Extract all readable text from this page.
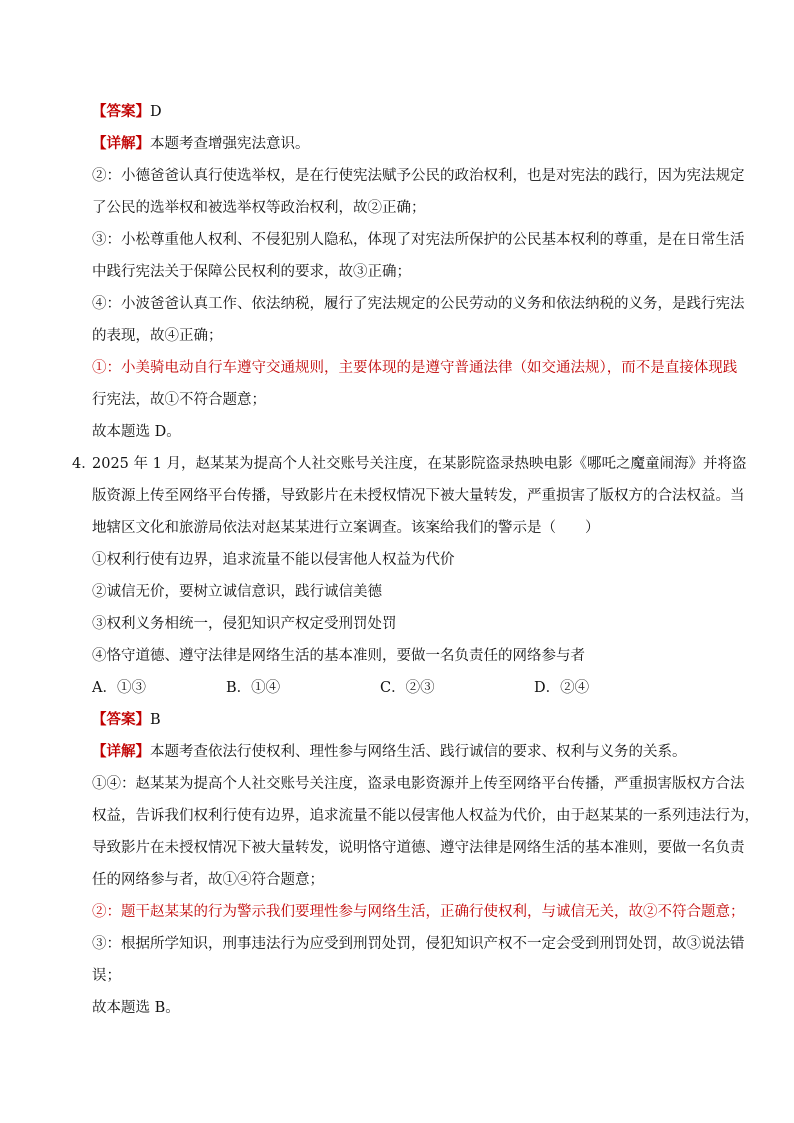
【答案】D
【详解】本题考查增强宪法意识。
②：小德爸爸认真行使选举权，是在行使宪法赋予公民的政治权利，也是对宪法的践行，因为宪法规定
了公民的选举权和被选举权等政治权利，故②正确；
③：小松尊重他人权利、不侵犯别人隐私，体现了对宪法所保护的公民基本权利的尊重，是在日常生活
中践行宪法关于保障公民权利的要求，故③正确；
④：小波爸爸认真工作、依法纳税，履行了宪法规定的公民劳动的义务和依法纳税的义务，是践行宪法
的表现，故④正确；
①：小美骑电动自行车遵守交通规则，主要体现的是遵守普通法律（如交通法规），而不是直接体现践
行宪法，故①不符合题意；
故本题选 D。
4．
2025 年 1 月，赵某某为提高个人社交账号关注度，在某影院盗录热映电影《哪吒之魔童闹海》并将盗
版资源上传至网络平台传播，导致影片在未授权情况下被大量转发，严重损害了版权方的合法权益。当
地辖区文化和旅游局依法对赵某某进行立案调查。该案给我们的警示是（　　）
①权利行使有边界，追求流量不能以侵害他人权益为代价
②诚信无价，要树立诚信意识，践行诚信美德
③权利义务相统一，侵犯知识产权定受刑罚处罚
④恪守道德、遵守法律是网络生活的基本准则，要做一名负责任的网络参与者
A．①③	B．①④	C．②③	D．②④
【答案】B
【详解】本题考查依法行使权利、理性参与网络生活、践行诚信的要求、权利与义务的关系。
①④：赵某某为提高个人社交账号关注度，盗录电影资源并上传至网络平台传播，严重损害版权方合法
权益，告诉我们权利行使有边界，追求流量不能以侵害他人权益为代价，由于赵某某的一系列违法行为，
导致影片在未授权情况下被大量转发，说明恪守道德、遵守法律是网络生活的基本准则，要做一名负责
任的网络参与者，故①④符合题意；
②：题干赵某某的行为警示我们要理性参与网络生活，正确行使权利，与诚信无关，故②不符合题意；
③：根据所学知识，刑事违法行为应受到刑罚处罚，侵犯知识产权不一定会受到刑罚处罚，故③说法错
误；
故本题选 B。
